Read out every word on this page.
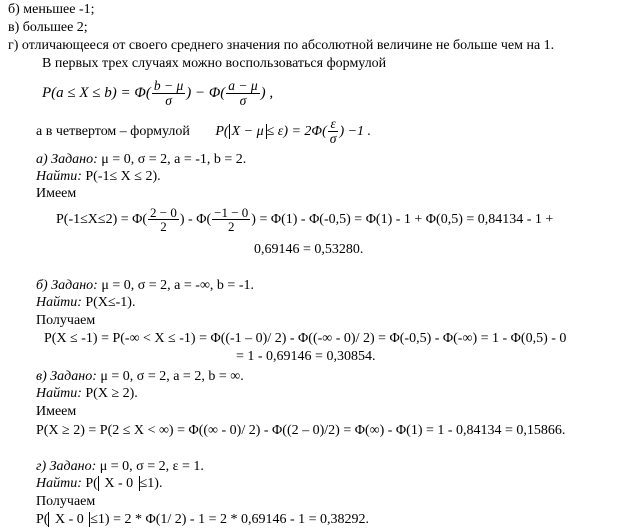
б) меньшее -1;
в) большее 2;
г) отличающееся от своего среднего значения по абсолютной величине не больше чем на 1.
В первых трех случаях можно воспользоваться формулой
$P(a \le X \le b) = \Phi( \frac{b - \mu}{\sigma}$ ) − $\Phi( \frac{a - \mu}{\sigma}$ ) ,
а в четвертом – формулой P( $X - \mu \le \varepsilon) = 2\Phi( \frac{\varepsilon}{\sigma}$ ) −1 .
а) Задано: μ = 0, σ = 2, a = -1, b = 2.
Найти: P(-1≤ X ≤ 2).
Имеем
$P(-1\le X\le 2) = \Phi( \frac{2 - 0}{2}$ ) - $\Phi( \frac{-1 - 0}{2}$ ) = Φ(1) - Φ(-0,5) = Φ(1) - 1 + Φ(0,5) = 0,84134 - 1 +
0,69146 = 0,53280.
б) Задано: μ = 0, σ = 2, a = -∞, b = -1.
Найти: P(X≤-1).
Получаем
P(X ≤ -1) = P(-∞ < X ≤ -1) = Φ((-1 – 0)/ 2) - Φ((-∞ - 0)/ 2) = Φ(-0,5) - Φ(-∞) = 1 - Φ(0,5) - 0
= 1 - 0,69146 = 0,30854.
в) Задано: μ = 0, σ = 2, a = 2, b = ∞.
Найти: P(X ≥ 2).
Имеем
P(X ≥ 2) = P(2 ≤ X < ∞) = Φ((∞ - 0)/ 2) - Φ((2 – 0)/2) = Φ(∞) - Φ(1) = 1 - 0,84134 = 0,15866.
г) Задано: μ = 0, σ = 2, ε = 1.
Найти: P( X - 0 ≤1).
Получаем
P( X - 0 ≤1) = 2 * Φ(1/ 2) - 1 = 2 * 0,69146 - 1 = 0,38292.
